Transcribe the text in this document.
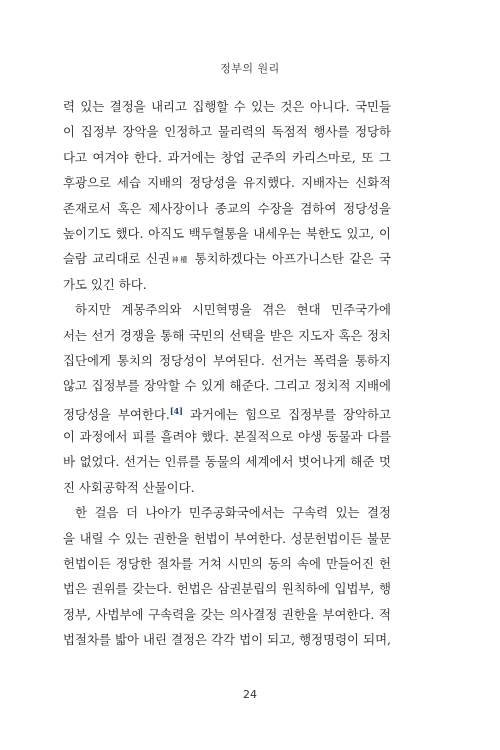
정부의 원리
력 있는 결정을 내리고 집행할 수 있는 것은 아니다. 국민들
이 집정부 장악을 인정하고 물리력의 독점적 행사를 정당하
다고 여겨야 한다. 과거에는 창업 군주의 카리스마로, 또 그
후광으로 세습 지배의 정당성을 유지했다. 지배자는 신화적
존재로서 혹은 제사장이나 종교의 수장을 겸하여 정당성을
높이기도 했다. 아직도 백두혈통을 내세우는 북한도 있고, 이
슬람 교리대로 신권神權 통치하겠다는 아프가니스탄 같은 국
가도 있긴 하다.
하지만 계몽주의와 시민혁명을 겪은 현대 민주국가에
서는 선거 경쟁을 통해 국민의 선택을 받은 지도자 혹은 정치
집단에게 통치의 정당성이 부여된다. 선거는 폭력을 통하지
않고 집정부를 장악할 수 있게 해준다. 그리고 정치적 지배에
정당성을 부여한다.[4] 과거에는 힘으로 집정부를 장악하고
이 과정에서 피를 흘려야 했다. 본질적으로 야생 동물과 다를
바 없었다. 선거는 인류를 동물의 세계에서 벗어나게 해준 멋
진 사회공학적 산물이다.
한 걸음 더 나아가 민주공화국에서는 구속력 있는 결정
을 내릴 수 있는 권한을 헌법이 부여한다. 성문헌법이든 불문
헌법이든 정당한 절차를 거쳐 시민의 동의 속에 만들어진 헌
법은 권위를 갖는다. 헌법은 삼권분립의 원칙하에 입법부, 행
정부, 사법부에 구속력을 갖는 의사결정 권한을 부여한다. 적
법절차를 밟아 내린 결정은 각각 법이 되고, 행정명령이 되며,
24
